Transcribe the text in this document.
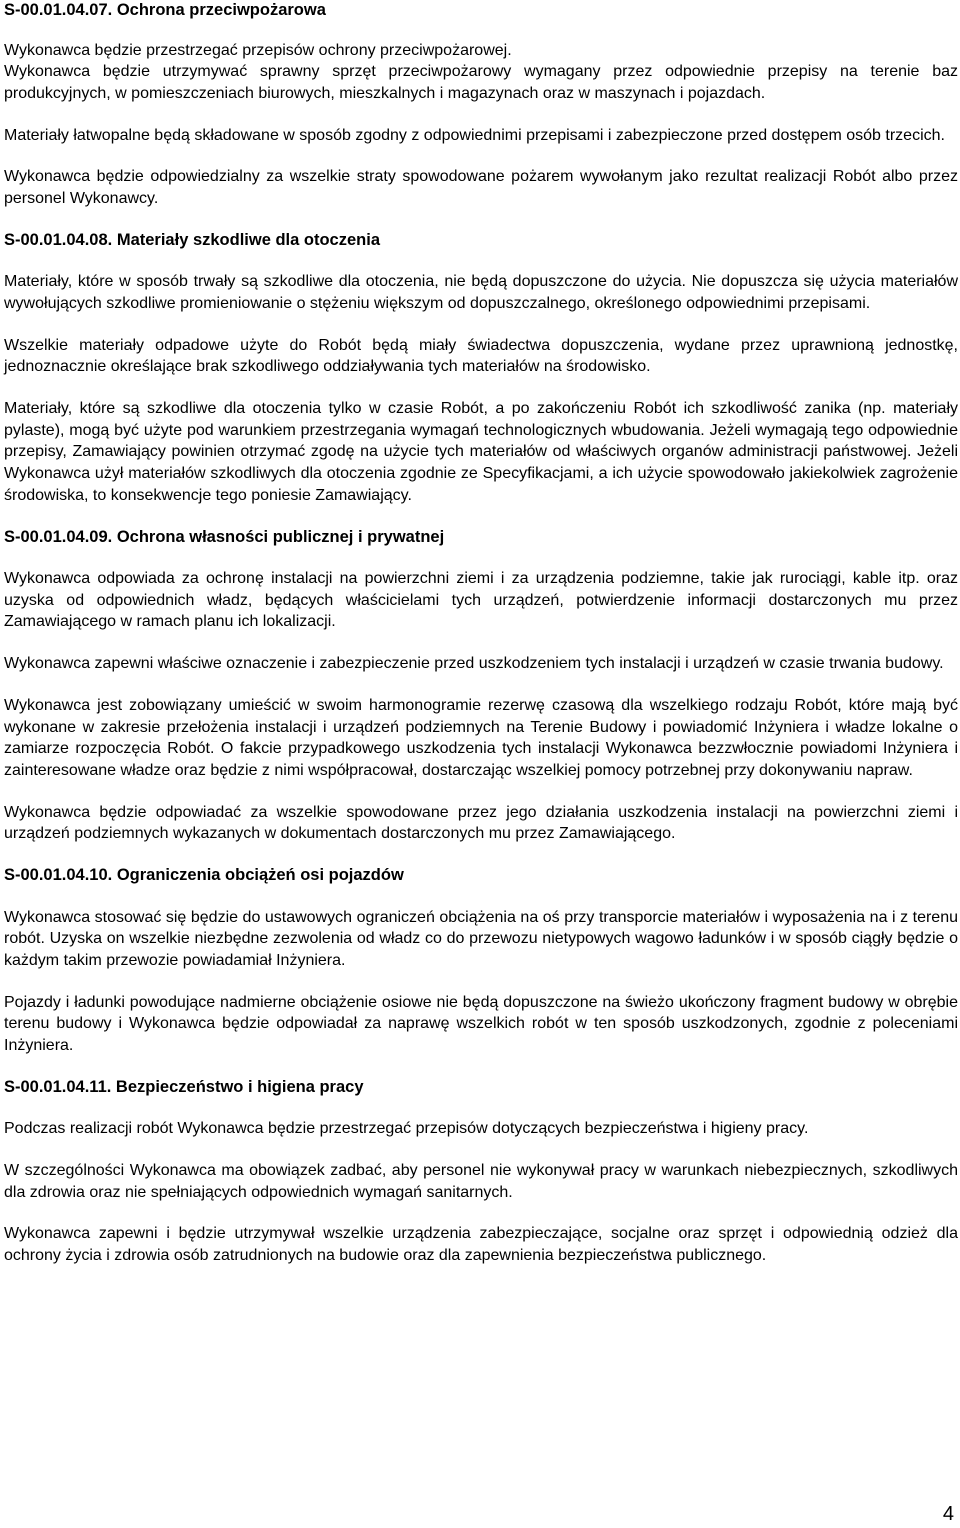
S-00.01.04.07. Ochrona przeciwpożarowa

Wykonawca będzie przestrzegać przepisów ochrony przeciwpożarowej.

Wykonawca będzie utrzymywać sprawny sprzęt przeciwpożarowy wymagany przez odpowiednie przepisy na terenie baz produkcyjnych, w pomieszczeniach biurowych, mieszkalnych i magazynach oraz w maszynach i pojazdach.

Materiały łatwopalne będą składowane w sposób zgodny z odpowiednimi przepisami i zabezpieczone przed dostępem osób trzecich.

Wykonawca będzie odpowiedzialny za wszelkie straty spowodowane pożarem wywołanym jako rezultat realizacji Robót albo przez personel Wykonawcy.

S-00.01.04.08. Materiały szkodliwe dla otoczenia

Materiały, które w sposób trwały są szkodliwe dla otoczenia, nie będą dopuszczone do użycia. Nie dopuszcza się użycia materiałów wywołujących szkodliwe promieniowanie o stężeniu większym od dopuszczalnego, określonego odpowiednimi przepisami.

Wszelkie materiały odpadowe użyte do Robót będą miały świadectwa dopuszczenia, wydane przez uprawnioną jednostkę, jednoznacznie określające brak szkodliwego oddziaływania tych materiałów na środowisko.

Materiały, które są szkodliwe dla otoczenia tylko w czasie Robót, a po zakończeniu Robót ich szkodliwość zanika (np. materiały pylaste), mogą być użyte pod warunkiem przestrzegania wymagań technologicznych wbudowania. Jeżeli wymagają tego odpowiednie przepisy, Zamawiający powinien otrzymać zgodę na użycie tych materiałów od właściwych organów administracji państwowej. Jeżeli Wykonawca użył materiałów szkodliwych dla otoczenia zgodnie ze Specyfikacjami, a ich użycie spowodowało jakiekolwiek zagrożenie środowiska, to konsekwencje tego poniesie Zamawiający.

S-00.01.04.09. Ochrona własności publicznej i prywatnej

Wykonawca odpowiada za ochronę instalacji na powierzchni ziemi i za urządzenia podziemne, takie jak rurociągi, kable itp. oraz uzyska od odpowiednich władz, będących właścicielami tych urządzeń, potwierdzenie informacji dostarczonych mu przez Zamawiającego w ramach planu ich lokalizacji.

Wykonawca zapewni właściwe oznaczenie i zabezpieczenie przed uszkodzeniem tych instalacji i urządzeń w czasie trwania budowy.

Wykonawca jest zobowiązany umieścić w swoim harmonogramie rezerwę czasową dla wszelkiego rodzaju Robót, które mają być wykonane w zakresie przełożenia instalacji i urządzeń podziemnych na Terenie Budowy i powiadomić Inżyniera i władze lokalne o zamiarze rozpoczęcia Robót. O fakcie przypadkowego uszkodzenia tych instalacji Wykonawca bezzwłocznie powiadomi Inżyniera i zainteresowane władze oraz będzie z nimi współpracował, dostarczając wszelkiej pomocy potrzebnej przy dokonywaniu napraw.

Wykonawca będzie odpowiadać za wszelkie spowodowane przez jego działania uszkodzenia instalacji na powierzchni ziemi i urządzeń podziemnych wykazanych w dokumentach dostarczonych mu przez Zamawiającego.

S-00.01.04.10. Ograniczenia obciążeń osi pojazdów

Wykonawca stosować się będzie do ustawowych ograniczeń obciążenia na oś przy transporcie materiałów i wyposażenia na i z terenu robót. Uzyska on wszelkie niezbędne zezwolenia od władz co do przewozu nietypowych wagowo ładunków i w sposób ciągły będzie o każdym takim przewozie powiadamiał Inżyniera.

Pojazdy i ładunki powodujące nadmierne obciążenie osiowe nie będą dopuszczone na świeżo ukończony fragment budowy w obrębie terenu budowy i Wykonawca będzie odpowiadał za naprawę wszelkich robót w ten sposób uszkodzonych, zgodnie z poleceniami Inżyniera.

S-00.01.04.11. Bezpieczeństwo i higiena pracy

Podczas realizacji robót Wykonawca będzie przestrzegać przepisów dotyczących bezpieczeństwa i higieny pracy.

W szczególności Wykonawca ma obowiązek zadbać, aby personel nie wykonywał pracy w warunkach niebezpiecznych, szkodliwych dla zdrowia oraz nie spełniających odpowiednich wymagań sanitarnych.

Wykonawca zapewni i będzie utrzymywał wszelkie urządzenia zabezpieczające, socjalne oraz sprzęt i odpowiednią odzież dla ochrony życia i zdrowia osób zatrudnionych na budowie oraz dla zapewnienia bezpieczeństwa publicznego.

4
